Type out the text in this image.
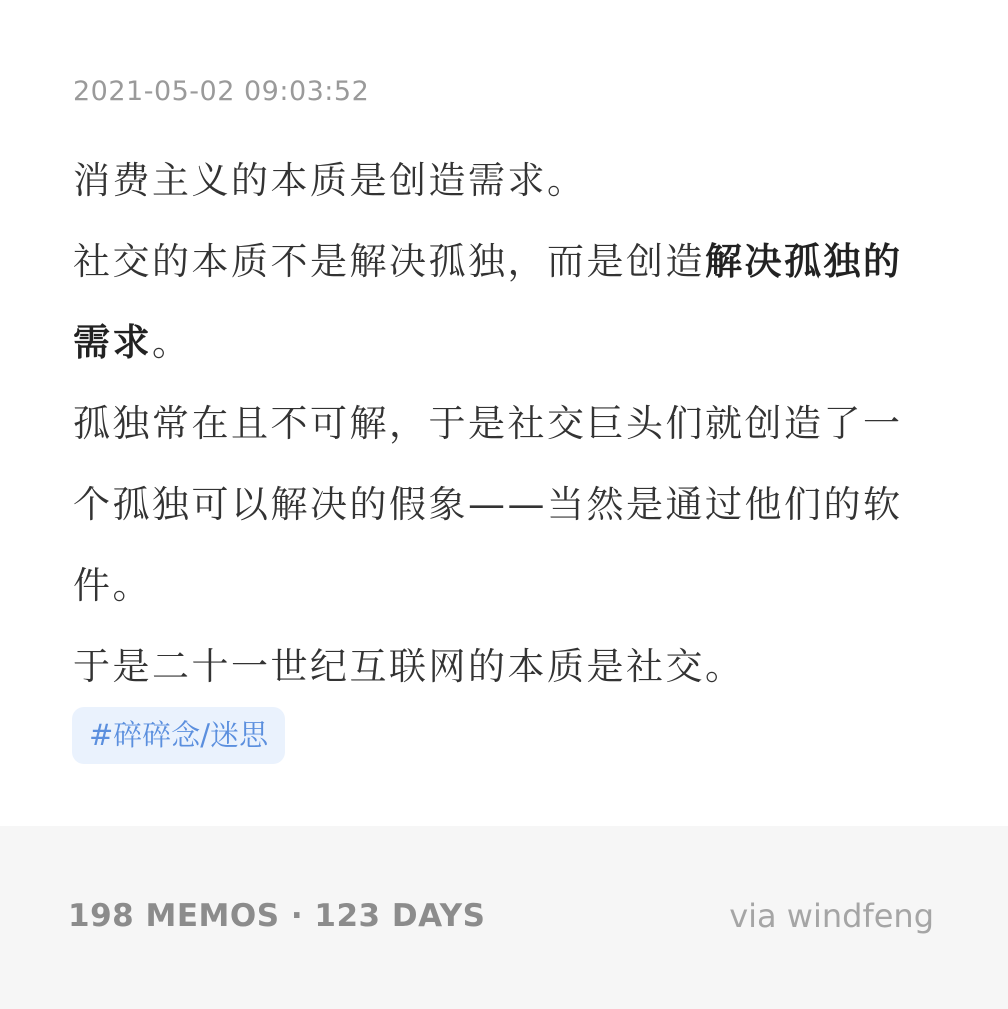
2021-05-02 09:03:52

消费主义的本质是创造需求。

社交的本质不是解决孤独，而是创造解决孤独的需求。

孤独常在且不可解，于是社交巨头们就创造了一个孤独可以解决的假象——当然是通过他们的软件。

于是二十一世纪互联网的本质是社交。

#碎碎念/迷思
198 MEMOS · 123 DAYS	via windfeng
